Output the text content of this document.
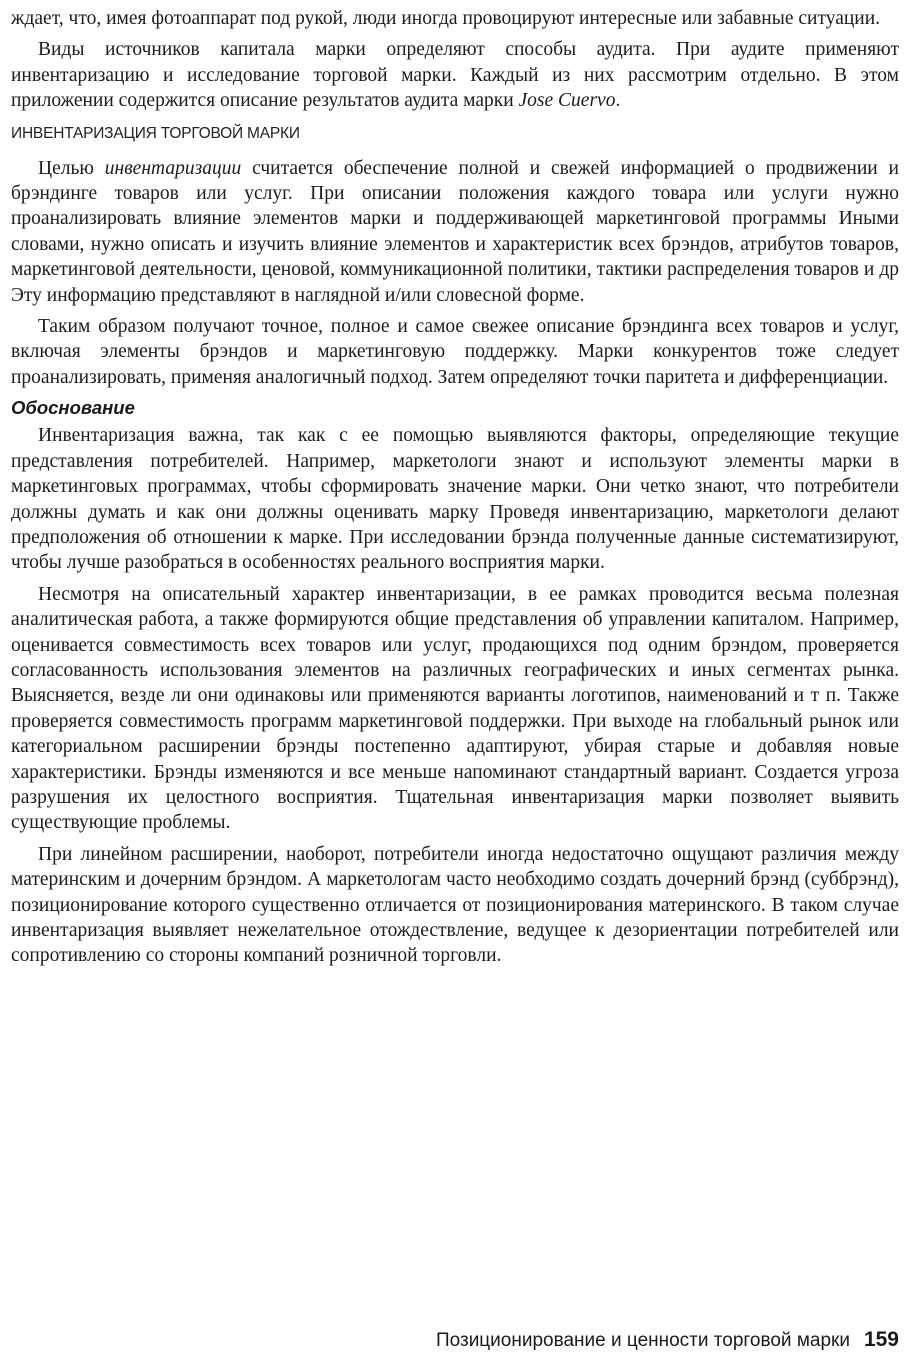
ждает, что, имея фотоаппарат под рукой, люди иногда провоцируют интересные или забавные ситуации.

Виды источников капитала марки определяют способы аудита. При аудите применяют инвентаризацию и исследование торговой марки. Каждый из них рассмотрим отдельно. В этом приложении содержится описание результатов аудита марки Jose Cuervo.

ИНВЕНТАРИЗАЦИЯ ТОРГОВОЙ МАРКИ

Целью инвентаризации считается обеспечение полной и свежей информацией о продвижении и брэндинге товаров или услуг. При описании положения каждого товара или услуги нужно проанализировать влияние элементов марки и поддерживающей маркетинговой программы Иными словами, нужно описать и изучить влияние элементов и характеристик всех брэндов, атрибутов товаров, маркетинговой деятельности, ценовой, коммуникационной политики, тактики распределения товаров и др Эту информацию представляют в наглядной и/или словесной форме.

Таким образом получают точное, полное и самое свежее описание брэндинга всех товаров и услуг, включая элементы брэндов и маркетинговую поддержку. Марки конкурентов тоже следует проанализировать, применяя аналогичный подход. Затем определяют точки паритета и дифференциации.

Обоснование

Инвентаризация важна, так как с ее помощью выявляются факторы, определяющие текущие представления потребителей. Например, маркетологи знают и используют элементы марки в маркетинговых программах, чтобы сформировать значение марки. Они четко знают, что потребители должны думать и как они должны оценивать марку Проведя инвентаризацию, маркетологи делают предположения об отношении к марке. При исследовании брэнда полученные данные систематизируют, чтобы лучше разобраться в особенностях реального восприятия марки.

Несмотря на описательный характер инвентаризации, в ее рамках проводится весьма полезная аналитическая работа, а также формируются общие представления об управлении капиталом. Например, оценивается совместимость всех товаров или услуг, продающихся под одним брэндом, проверяется согласованность использования элементов на различных географических и иных сегментах рынка. Выясняется, везде ли они одинаковы или применяются варианты логотипов, наименований и т п. Также проверяется совместимость программ маркетинговой поддержки. При выходе на глобальный рынок или категориальном расширении брэнды постепенно адаптируют, убирая старые и добавляя новые характеристики. Брэнды изменяются и все меньше напоминают стандартный вариант. Создается угроза разрушения их целостного восприятия. Тщательная инвентаризация марки позволяет выявить существующие проблемы.

При линейном расширении, наоборот, потребители иногда недостаточно ощущают различия между материнским и дочерним брэндом. А маркетологам часто необходимо создать дочерний брэнд (суббрэнд), позиционирование которого существенно отличается от позиционирования материнского. В таком случае инвентаризация выявляет нежелательное отождествление, ведущее к дезориентации потребителей или сопротивлению со стороны компаний розничной торговли.

Позиционирование и ценности торговой марки 159
